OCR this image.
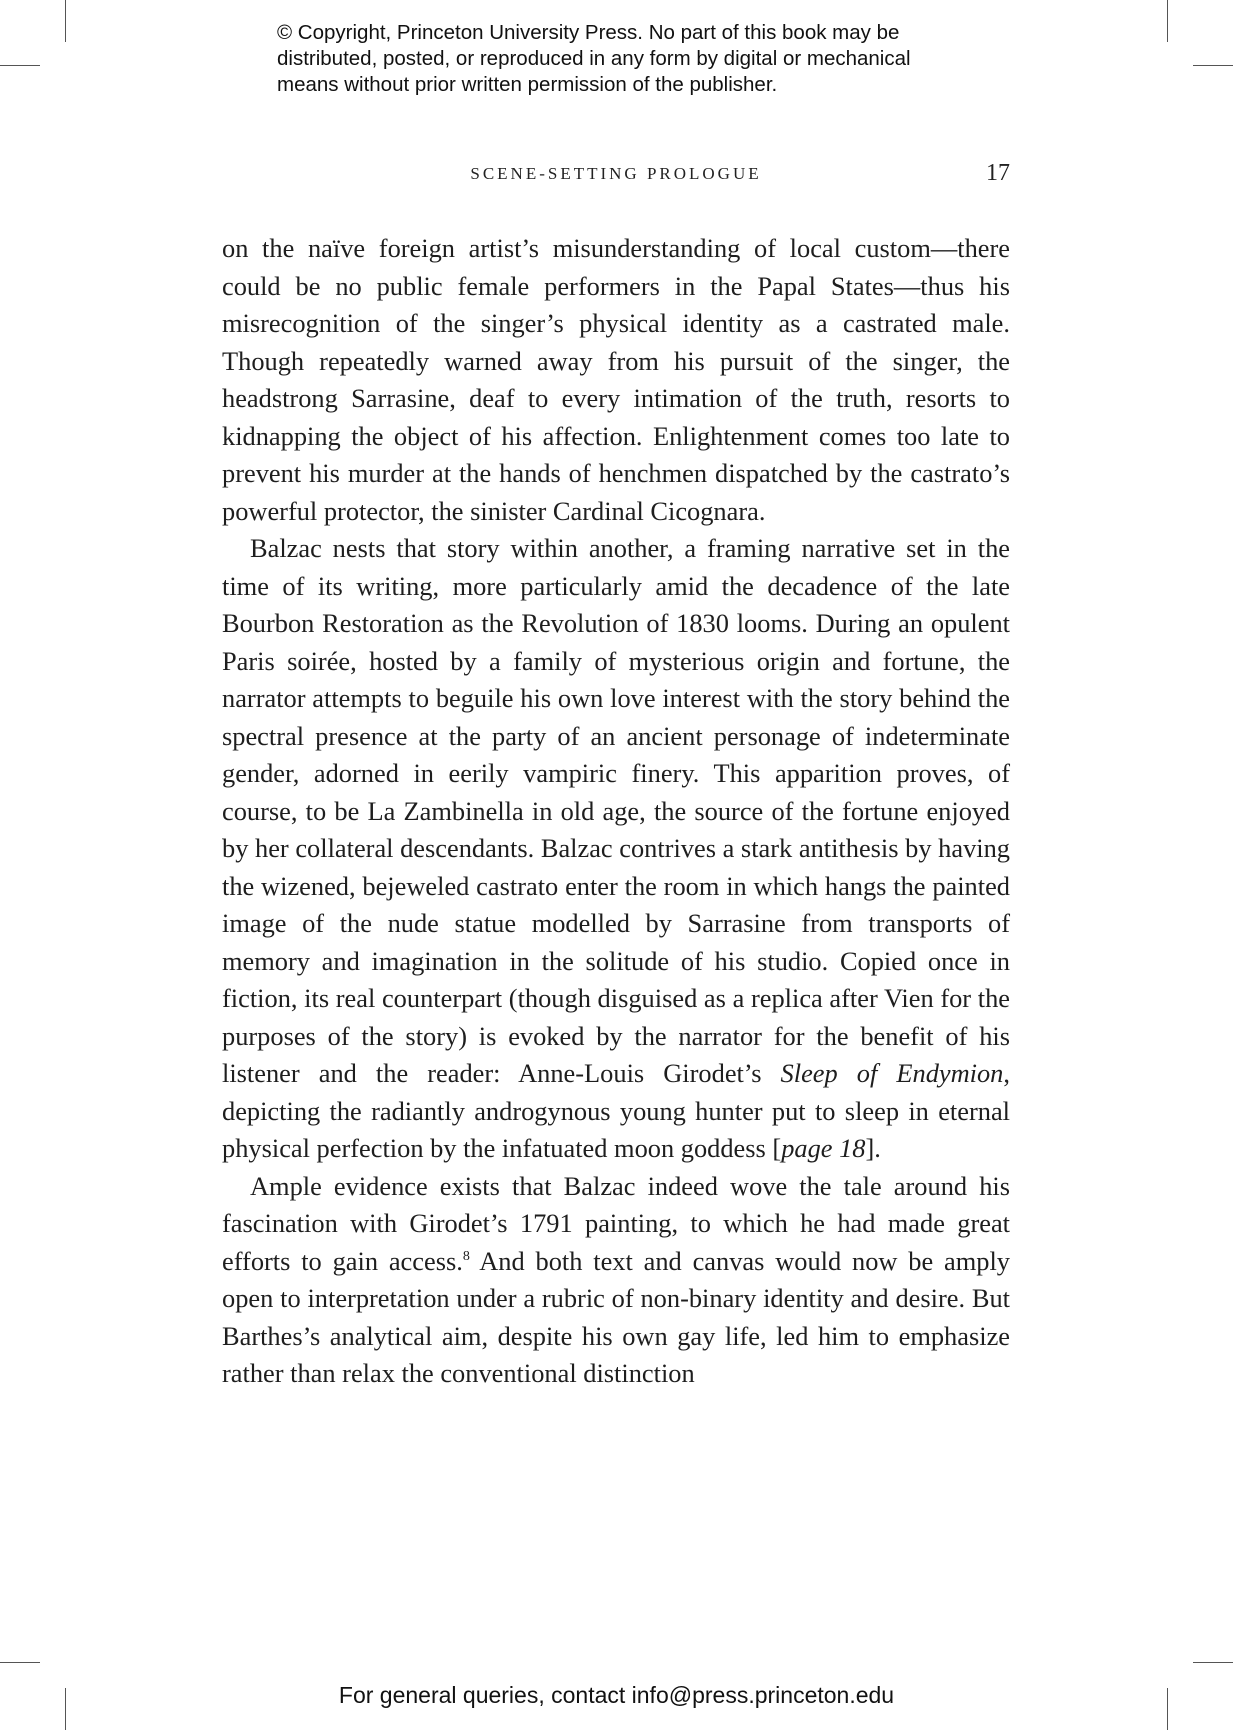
© Copyright, Princeton University Press. No part of this book may be
distributed, posted, or reproduced in any form by digital or mechanical
means without prior written permission of the publisher.
SCENE-SETTING PROLOGUE	17

on the naïve foreign artist’s misunderstanding of local custom—there could be no public female performers in the Papal States—thus his misrecognition of the singer’s physical identity as a castrated male. Though repeatedly warned away from his pursuit of the singer, the headstrong Sarrasine, deaf to every intimation of the truth, resorts to kidnapping the object of his affection. Enlightenment comes too late to prevent his murder at the hands of henchmen dispatched by the castrato’s powerful protector, the sinister Cardinal Cicognara.

Balzac nests that story within another, a framing narrative set in the time of its writing, more particularly amid the decadence of the late Bourbon Restoration as the Revolution of 1830 looms. During an opulent Paris soirée, hosted by a family of mysterious origin and fortune, the narrator attempts to beguile his own love interest with the story behind the spectral presence at the party of an ancient personage of indeterminate gender, adorned in eerily vampiric finery. This apparition proves, of course, to be La Zambinella in old age, the source of the fortune enjoyed by her collateral descendants. Balzac contrives a stark antithesis by having the wizened, bejeweled castrato enter the room in which hangs the painted image of the nude statue modelled by Sarrasine from transports of memory and imagination in the solitude of his studio. Copied once in fiction, its real counterpart (though disguised as a replica after Vien for the purposes of the story) is evoked by the narrator for the benefit of his listener and the reader: Anne-Louis Girodet’s Sleep of Endymion, depicting the radiantly androgynous young hunter put to sleep in eternal physical perfection by the infatuated moon goddess [page 18].

Ample evidence exists that Balzac indeed wove the tale around his fascination with Girodet’s 1791 painting, to which he had made great efforts to gain access.$^8$ And both text and canvas would now be amply open to interpretation under a rubric of non-binary identity and desire. But Barthes’s analytical aim, despite his own gay life, led him to emphasize rather than relax the conventional distinction

For general queries, contact info@press.princeton.edu
